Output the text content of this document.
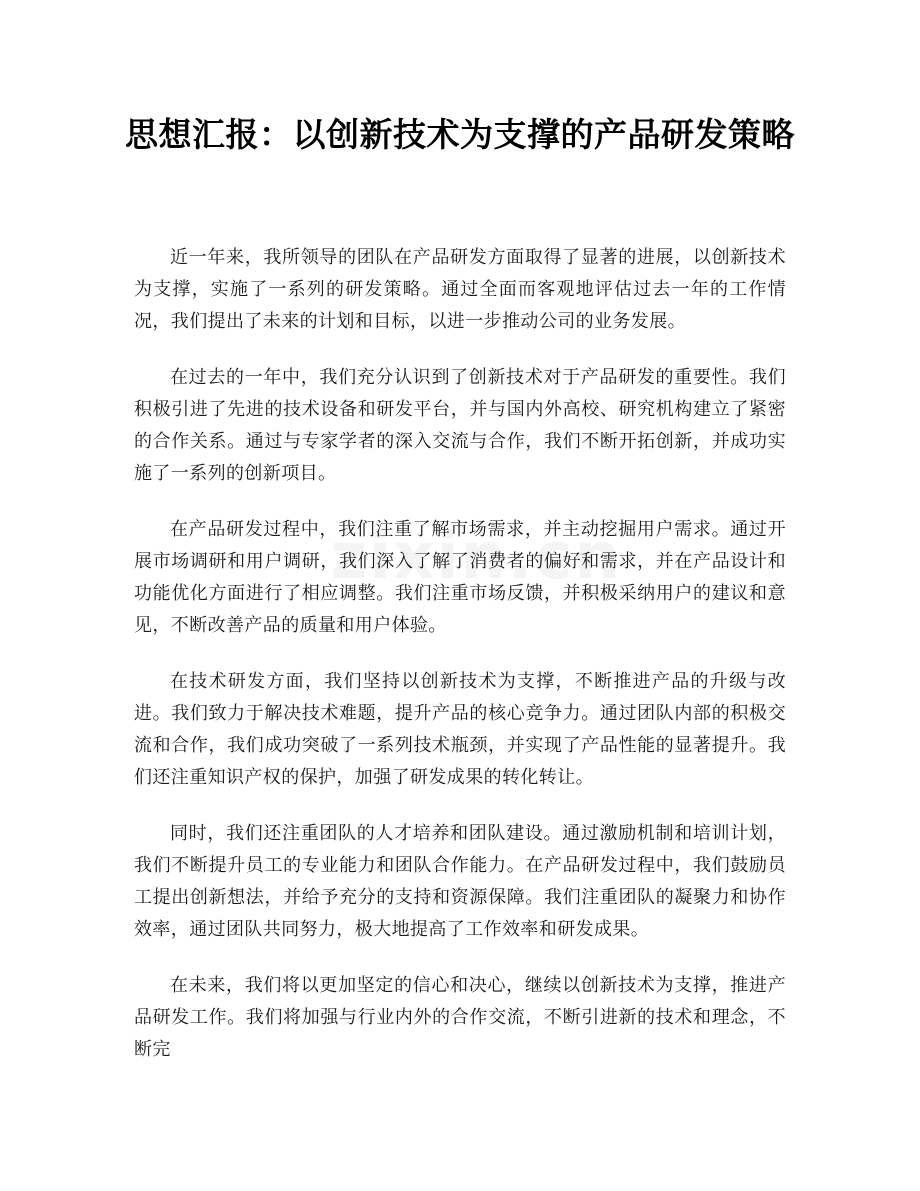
思想汇报：以创新技术为支撑的产品研发策略

近一年来，我所领导的团队在产品研发方面取得了显著的进展，以创新技术为支撑，实施了一系列的研发策略。通过全面而客观地评估过去一年的工作情况，我们提出了未来的计划和目标，以进一步推动公司的业务发展。

在过去的一年中，我们充分认识到了创新技术对于产品研发的重要性。我们积极引进了先进的技术设备和研发平台，并与国内外高校、研究机构建立了紧密的合作关系。通过与专家学者的深入交流与合作，我们不断开拓创新，并成功实施了一系列的创新项目。

在产品研发过程中，我们注重了解市场需求，并主动挖掘用户需求。通过开展市场调研和用户调研，我们深入了解了消费者的偏好和需求，并在产品设计和功能优化方面进行了相应调整。我们注重市场反馈，并积极采纳用户的建议和意见，不断改善产品的质量和用户体验。

在技术研发方面，我们坚持以创新技术为支撑，不断推进产品的升级与改进。我们致力于解决技术难题，提升产品的核心竞争力。通过团队内部的积极交流和合作，我们成功突破了一系列技术瓶颈，并实现了产品性能的显著提升。我们还注重知识产权的保护，加强了研发成果的转化转让。

同时，我们还注重团队的人才培养和团队建设。通过激励机制和培训计划，我们不断提升员工的专业能力和团队合作能力。在产品研发过程中，我们鼓励员工提出创新想法，并给予充分的支持和资源保障。我们注重团队的凝聚力和协作效率，通过团队共同努力，极大地提高了工作效率和研发成果。

在未来，我们将以更加坚定的信心和决心，继续以创新技术为支撑，推进产品研发工作。我们将加强与行业内外的合作交流，不断引进新的技术和理念，不断完
